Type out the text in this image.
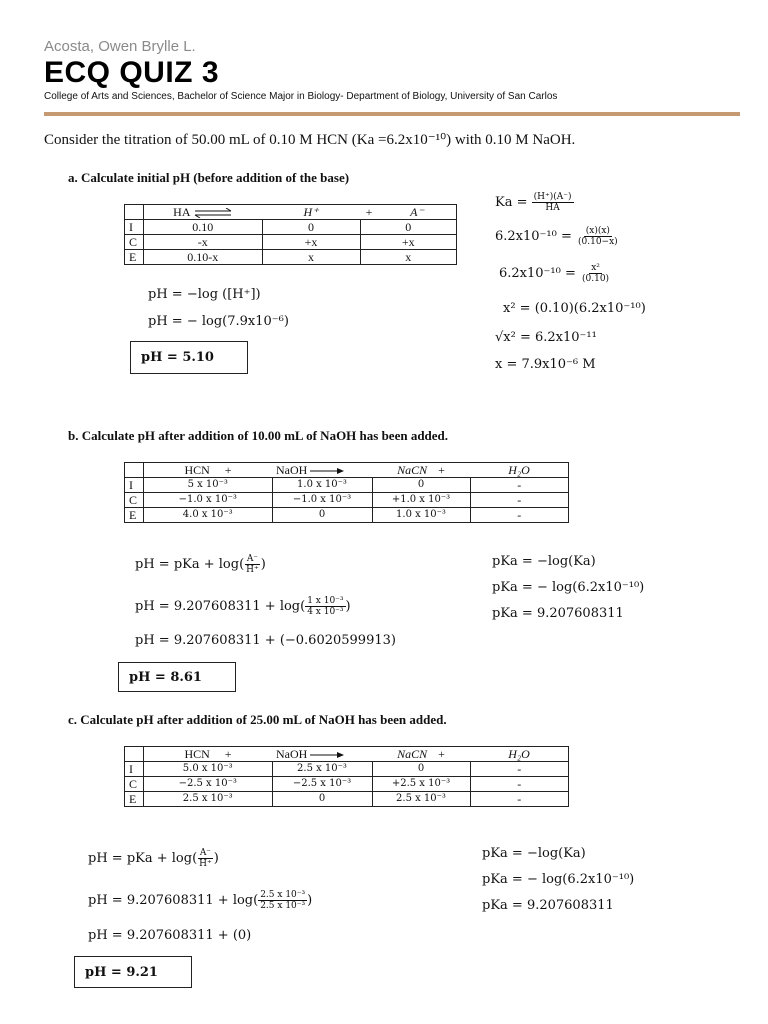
Acosta, Owen Brylle L.
ECQ QUIZ 3
College of Arts and Sciences, Bachelor of Science Major in Biology- Department of Biology, University of San Carlos
Consider the titration of 50.00 mL of 0.10 M HCN (Ka =6.2x10⁻¹⁰) with 0.10 M NaOH.
a. Calculate initial pH (before addition of the base)
	HA ⇌	H⁺	+	A⁻
I	0.10	0	0	
C	-x	+x	+x	
E	0.10-x	x	x	
pH = −log ([H⁺])
pH = − log(7.9x10⁻⁶)
pH = 5.10
$Ka = \frac{(H^+)(A^-)}{HA}$
$6.2x10^{-10} = \frac{(x)(x)}{(0.10-x)}$
$6.2x10^{-10} = \frac{\text{x²}}{(0.10)}$
x² = (0.10)(6.2x10⁻¹⁰)
√x² = 6.2x10⁻¹¹
x = 7.9x10⁻⁶ M
b. Calculate pH after addition of 10.00 mL of NaOH has been added.
	HCN +	NaOH →	NaCN +	H₂O
I	5 x 10⁻³	1.0 x 10⁻³	0	-
C	−1.0 x 10⁻³	−1.0 x 10⁻³	+1.0 x 10⁻³	-
E	4.0 x 10⁻³	0	1.0 x 10⁻³	-
pH = pKa + $\log( \frac{A^-}{H^+}$ )
pH = $9.207608311 + \log( \frac{\text{1 x 10⁻³}}{\text{4 x 10⁻³}}$ )
pH = 9.207608311 + (−0.6020599913)
pH = 8.61
pKa = −log(Ka)
pKa = − log(6.2x10⁻¹⁰)
pKa = 9.207608311
c. Calculate pH after addition of 25.00 mL of NaOH has been added.
	HCN +	NaOH →	NaCN +	H₂O
I	5.0 x 10⁻³	2.5 x 10⁻³	0	-
C	−2.5 x 10⁻³	−2.5 x 10⁻³	+2.5 x 10⁻³	-
E	2.5 x 10⁻³	0	2.5 x 10⁻³	-
pH = pKa + $\log( \frac{A^-}{H^+}$ )
pH = $9.207608311 + \log( \frac{\text{2.5 x 10⁻³}}{\text{2.5 x 10⁻³}}$ )
pH = 9.207608311 + (0)
pH = 9.21
pKa = −log(Ka)
pKa = − log(6.2x10⁻¹⁰)
pKa = 9.207608311
